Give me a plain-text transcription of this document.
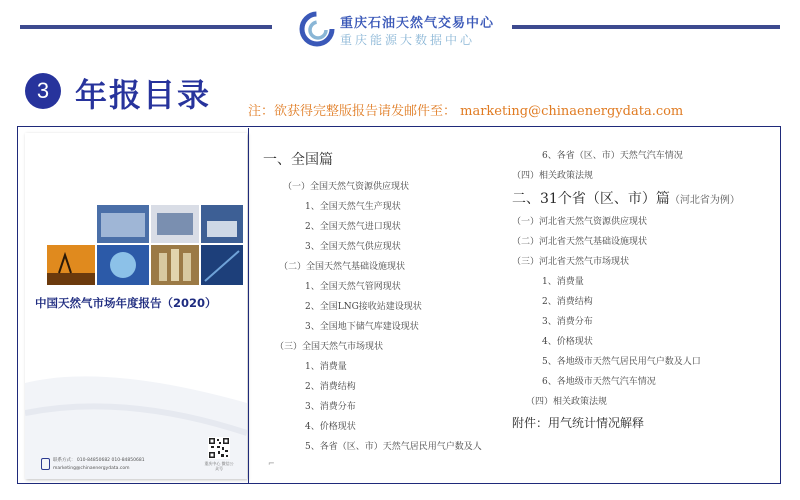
重庆石油天然气交易中心
重庆能源大数据中心
3 年报目录	注：欲获得完整版报告请发邮件至： marketing@chinaenergydata.com
中国天然气市场年度报告（2020）
联系方式： 010-84850682 010-84850681
marketing@chinaenergydata.com
重庆中心 微信公众号
一、全国篇
（一）全国天然气资源供应现状
1、全国天然气生产现状
2、全国天然气进口现状
3、全国天然气供应现状
（二）全国天然气基础设施现状
1、全国天然气管网现状
2、全国LNG接收站建设现状
3、全国地下储气库建设现状
（三）全国天然气市场现状
1、消费量
2、消费结构
3、消费分布
4、价格现状
5、各省（区、市）天然气居民用气户数及人
6、各省（区、市）天然气汽车情况
（四）相关政策法规
二、31个省（区、市）篇（河北省为例）
（一）河北省天然气资源供应现状
（二）河北省天然气基础设施现状
（三）河北省天然气市场现状
1、消费量
2、消费结构
3、消费分布
4、价格现状
5、各地级市天然气居民用气户数及人口
6、各地级市天然气汽车情况
（四）相关政策法规
附件：用气统计情况解释
⌐
